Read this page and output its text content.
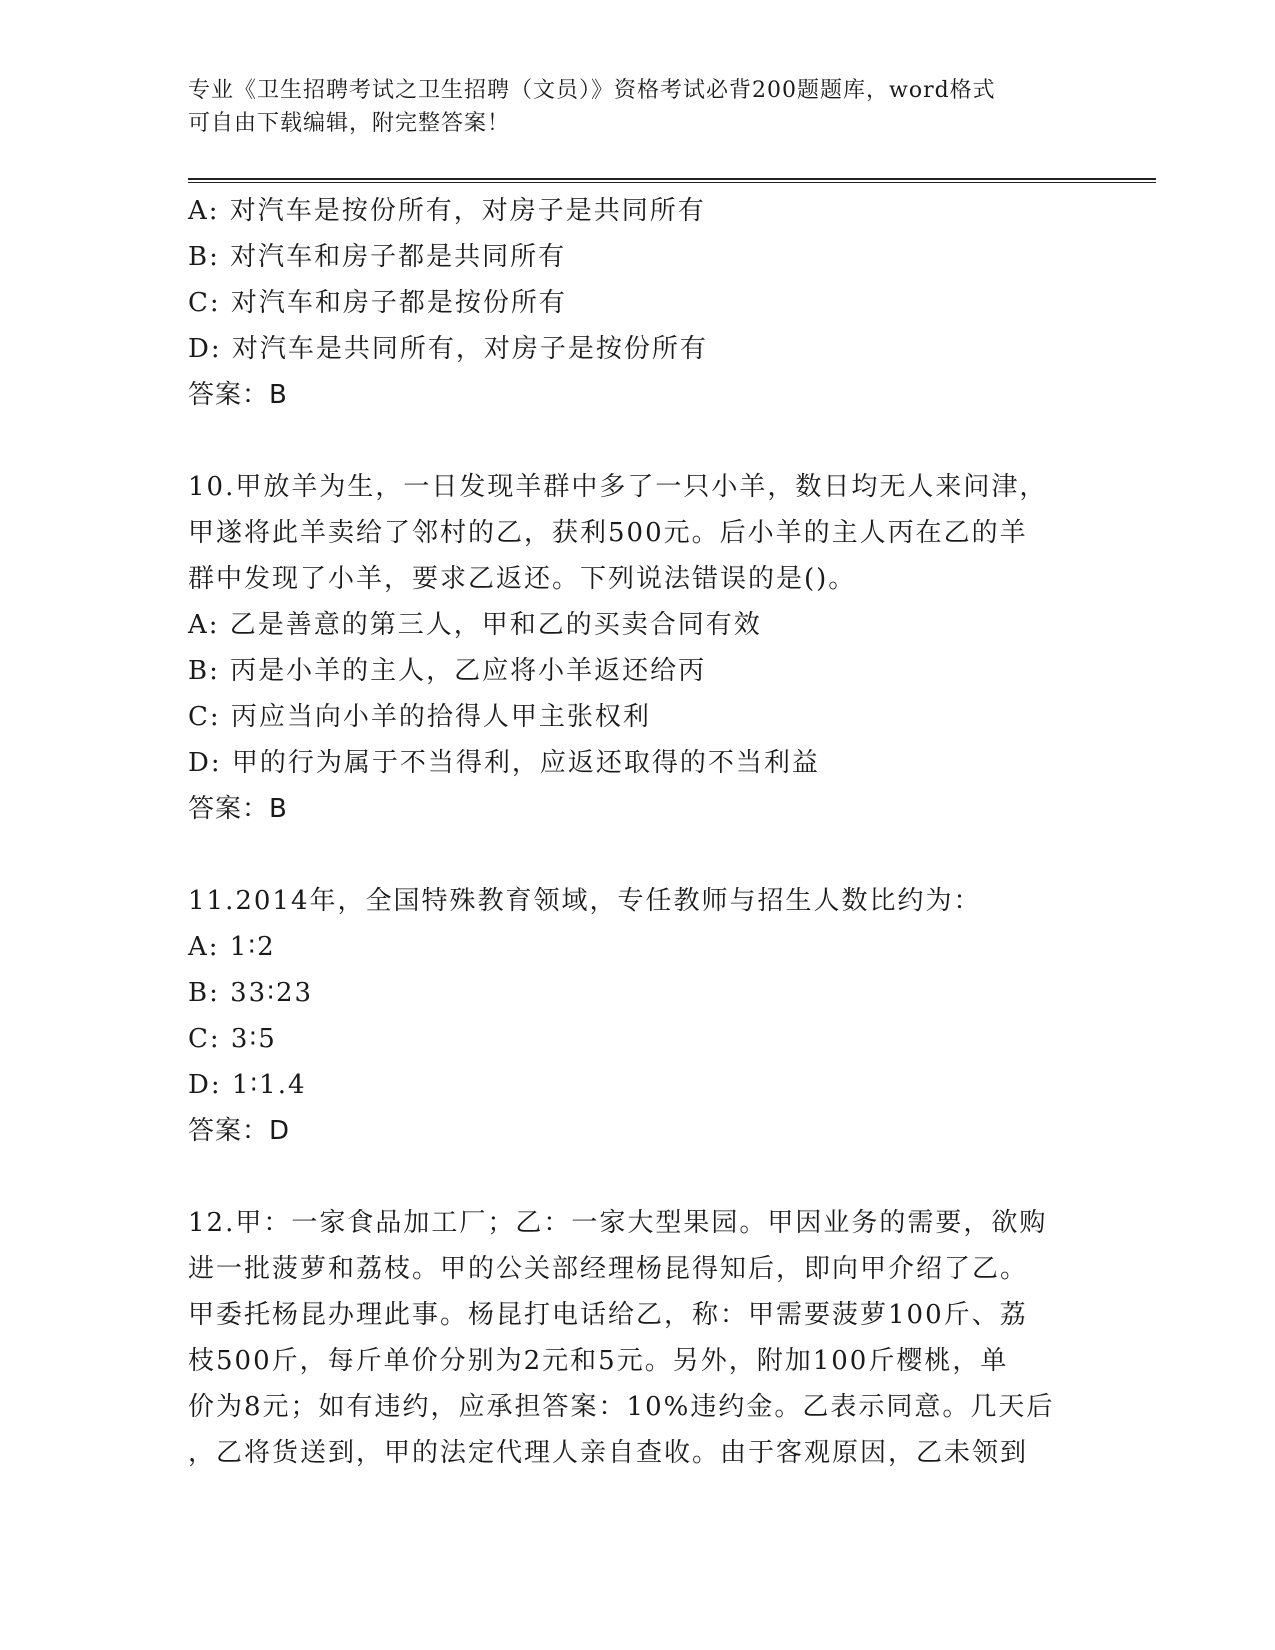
专业《卫生招聘考试之卫生招聘（文员）》资格考试必背200题题库，word格式
可自由下载编辑，附完整答案！
A: 对汽车是按份所有，对房子是共同所有
B: 对汽车和房子都是共同所有
C: 对汽车和房子都是按份所有
D: 对汽车是共同所有，对房子是按份所有
答案：B
10.甲放羊为生，一日发现羊群中多了一只小羊，数日均无人来问津，
甲遂将此羊卖给了邻村的乙，获利500元。后小羊的主人丙在乙的羊
群中发现了小羊，要求乙返还。下列说法错误的是()。
A: 乙是善意的第三人，甲和乙的买卖合同有效
B: 丙是小羊的主人，乙应将小羊返还给丙
C: 丙应当向小羊的拾得人甲主张权利
D: 甲的行为属于不当得利，应返还取得的不当利益
答案：B
11.2014年，全国特殊教育领域，专任教师与招生人数比约为：
A: 1∶2
B: 33∶23
C: 3∶5
D: 1∶1.4
答案：D
12.甲：一家食品加工厂；乙：一家大型果园。甲因业务的需要，欲购
进一批菠萝和荔枝。甲的公关部经理杨昆得知后，即向甲介绍了乙。
甲委托杨昆办理此事。杨昆打电话给乙，称：甲需要菠萝100斤、荔
枝500斤，每斤单价分别为2元和5元。另外，附加100斤樱桃，单
价为8元；如有违约，应承担答案：10%违约金。乙表示同意。几天后
，乙将货送到，甲的法定代理人亲自查收。由于客观原因，乙未领到
